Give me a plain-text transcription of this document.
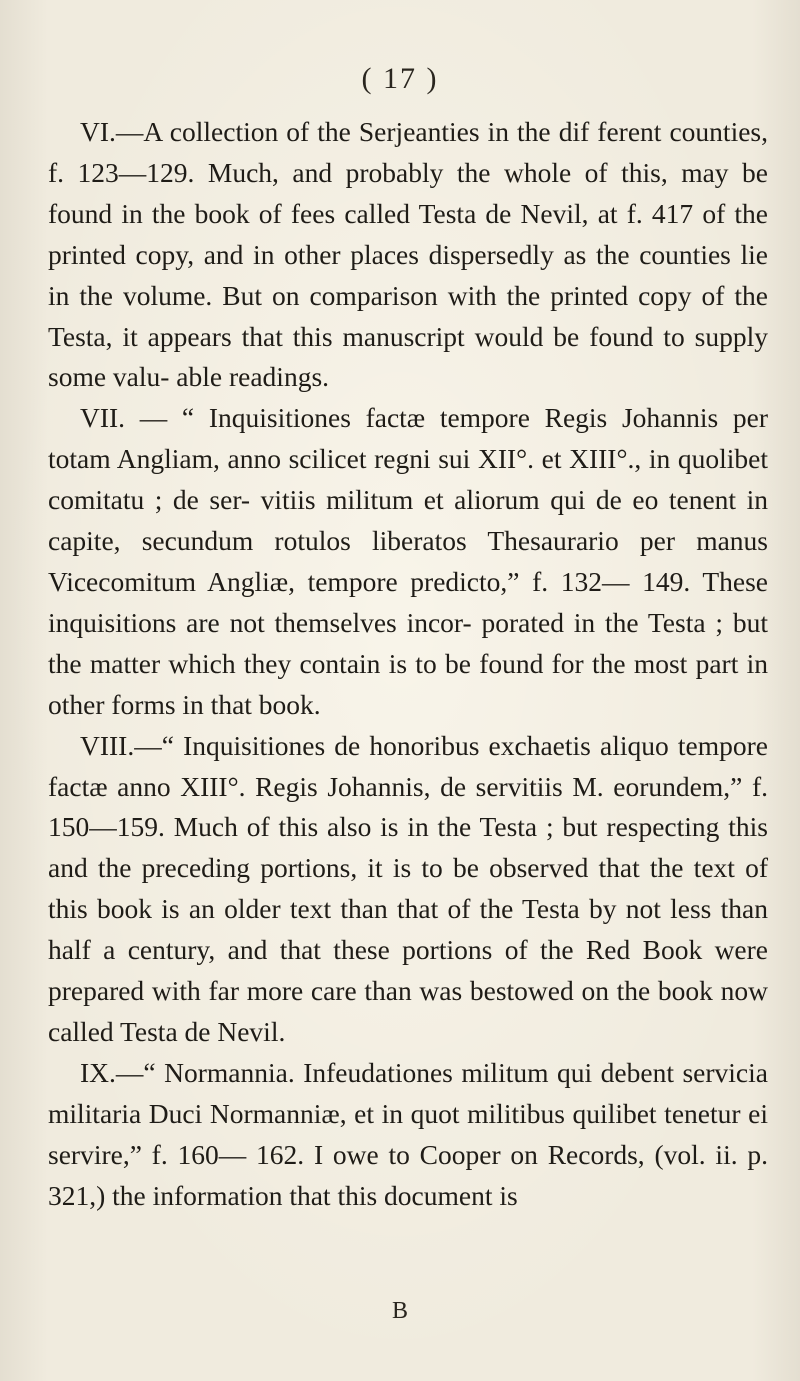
( 17 )

VI.—A collection of the Serjeanties in the dif ferent counties, f. 123—129. Much, and probably the whole of this, may be found in the book of fees called Testa de Nevil, at f. 417 of the printed copy, and in other places dispersedly as the counties lie in the volume. But on comparison with the printed copy of the Testa, it appears that this manuscript would be found to supply some valu- able readings.

VII. — “ Inquisitiones factæ tempore Regis Johannis per totam Angliam, anno scilicet regni sui XII°. et XIII°., in quolibet comitatu ; de ser- vitiis militum et aliorum qui de eo tenent in capite, secundum rotulos liberatos Thesaurario per manus Vicecomitum Angliæ, tempore predicto,” f. 132— 149. These inquisitions are not themselves incor- porated in the Testa ; but the matter which they contain is to be found for the most part in other forms in that book.

VIII.—“ Inquisitiones de honoribus exchaetis aliquo tempore factæ anno XIII°. Regis Johannis, de servitiis M. eorundem,” f. 150—159. Much of this also is in the Testa ; but respecting this and the preceding portions, it is to be observed that the text of this book is an older text than that of the Testa by not less than half a century, and that these portions of the Red Book were prepared with far more care than was bestowed on the book now called Testa de Nevil.

IX.—“ Normannia. Infeudationes militum qui debent servicia militaria Duci Normanniæ, et in quot militibus quilibet tenetur ei servire,” f. 160— 162. I owe to Cooper on Records, (vol. ii. p. 321,) the information that this document is

B
